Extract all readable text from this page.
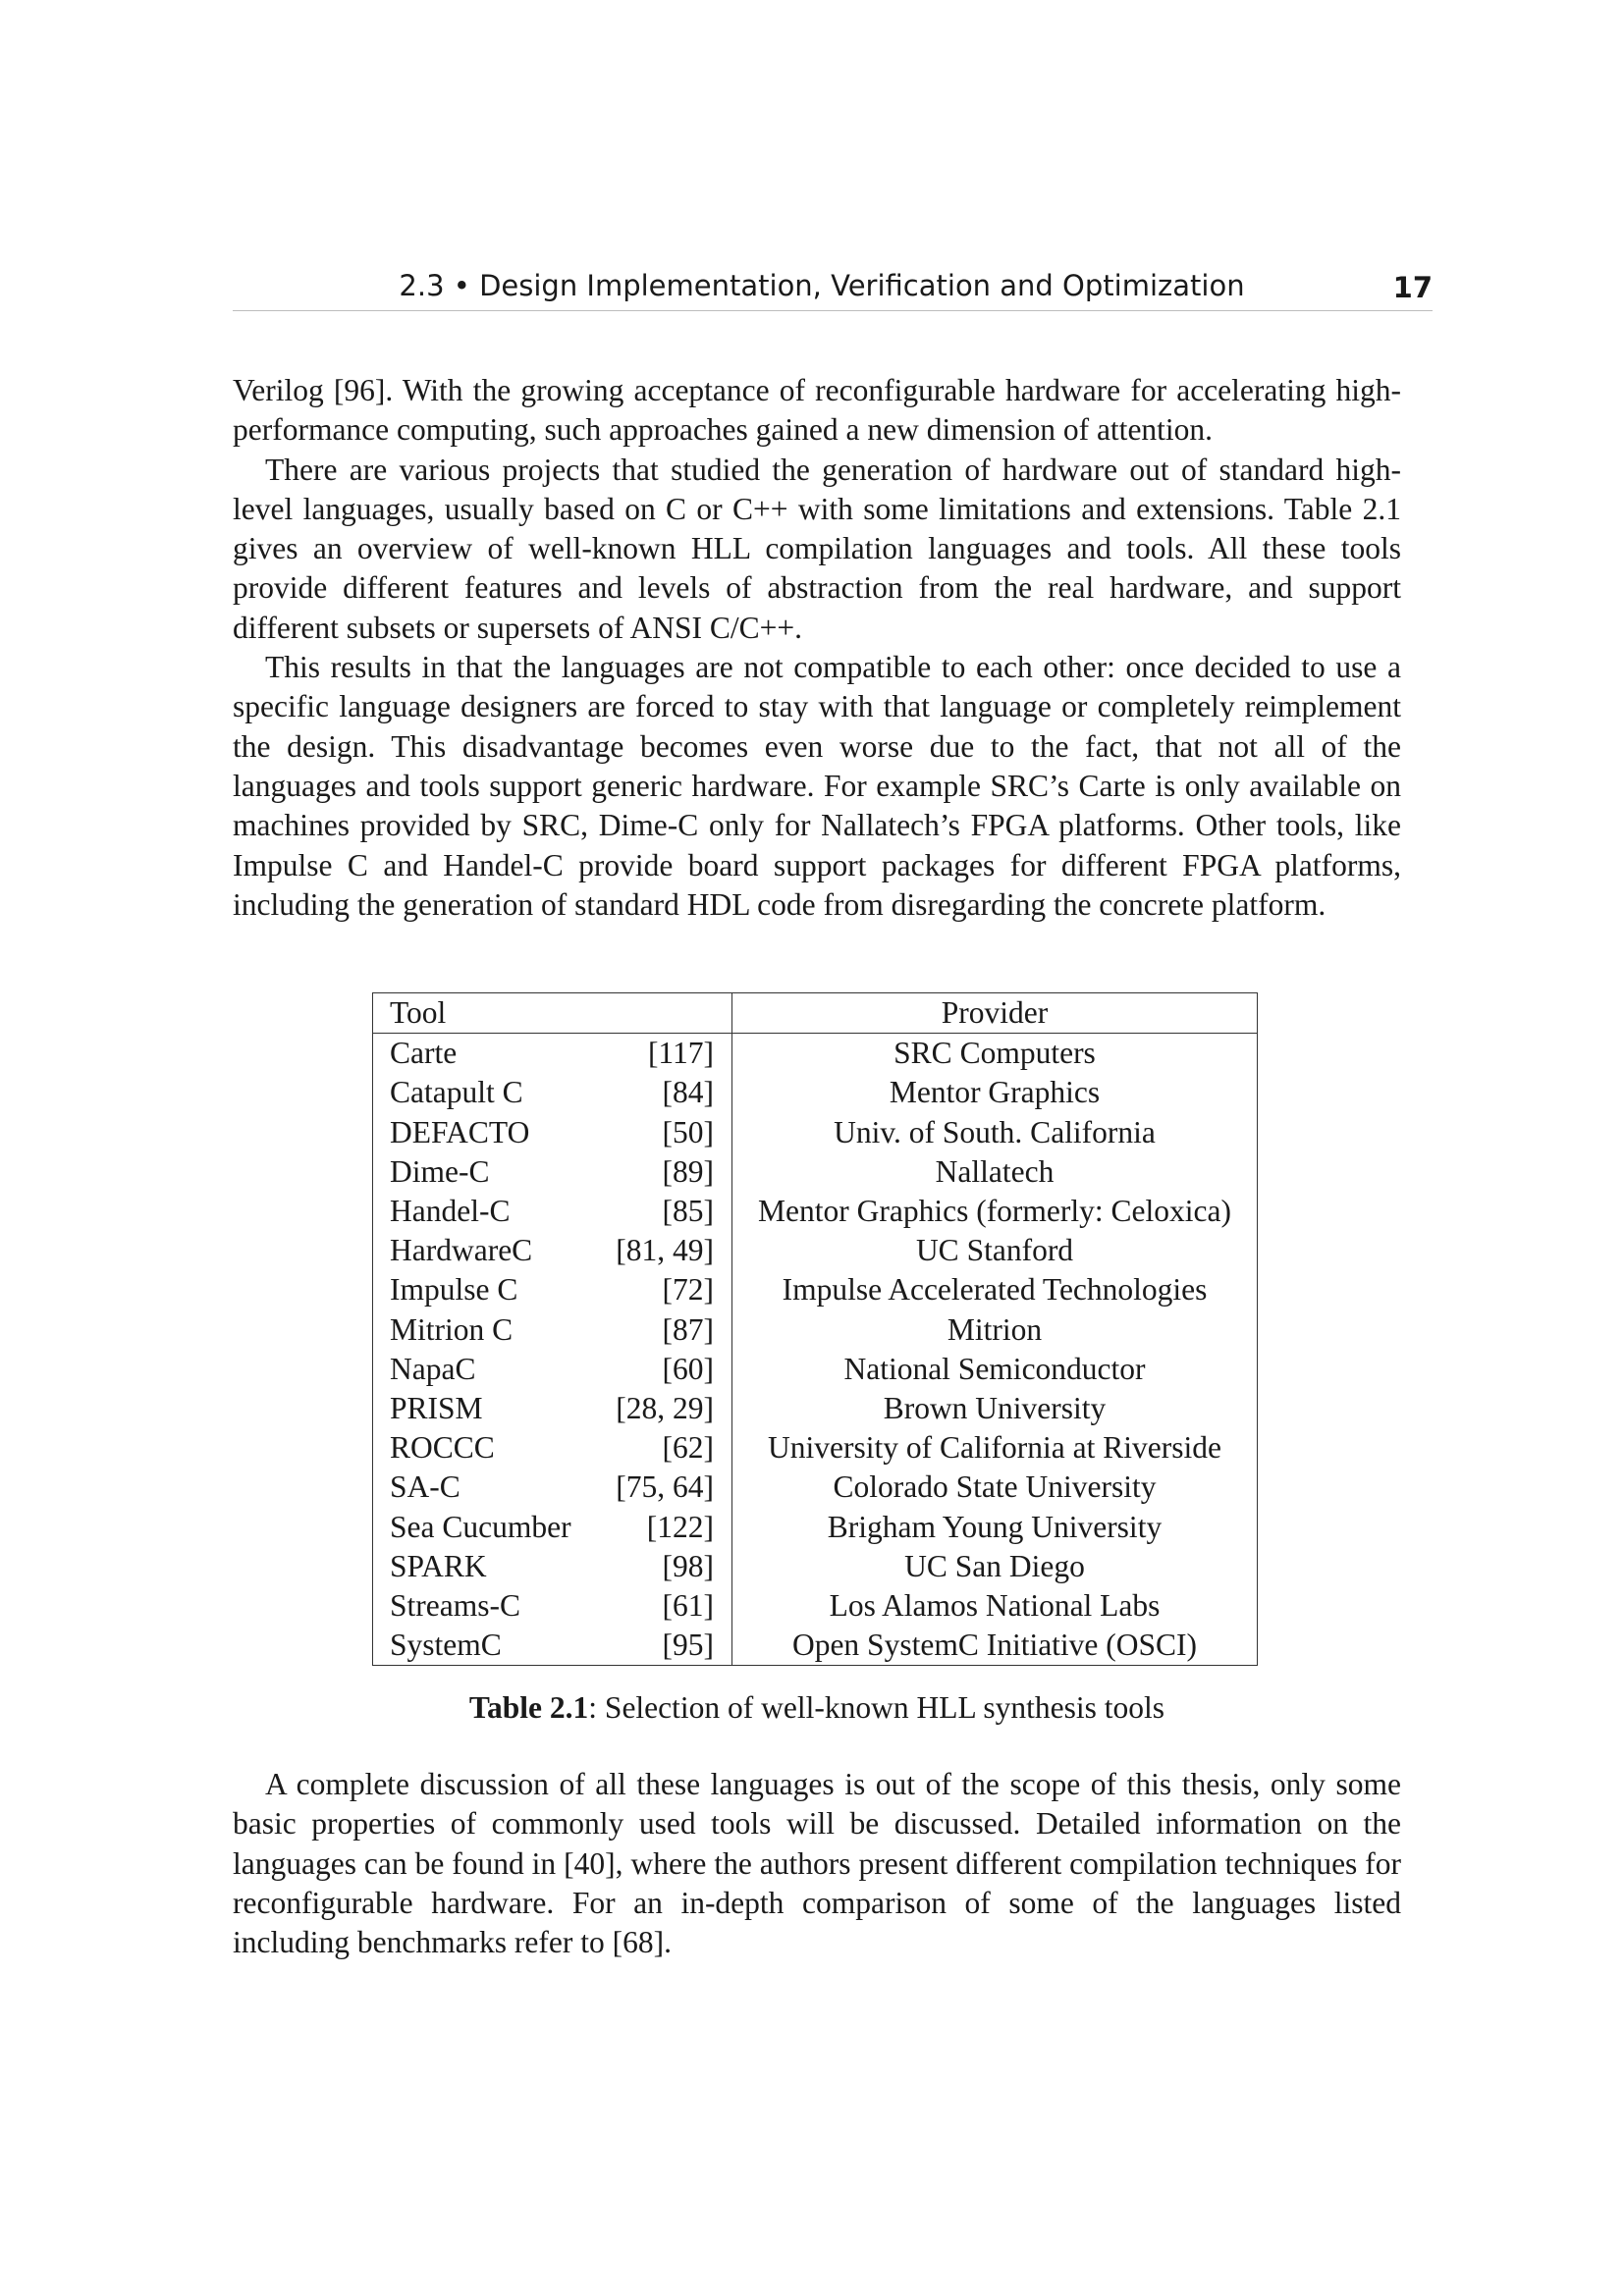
2.3 • Design Implementation, Verification and Optimization	17

Verilog [96]. With the growing acceptance of reconfigurable hardware for accelerating high-performance computing, such approaches gained a new dimension of attention.

There are various projects that studied the generation of hardware out of standard high-level languages, usually based on C or C++ with some limitations and extensions. Table 2.1 gives an overview of well-known HLL compilation languages and tools. All these tools provide different features and levels of abstraction from the real hardware, and support different subsets or supersets of ANSI C/C++.

This results in that the languages are not compatible to each other: once decided to use a specific language designers are forced to stay with that language or completely reimplement the design. This disadvantage becomes even worse due to the fact, that not all of the languages and tools support generic hardware. For example SRC’s Carte is only available on machines provided by SRC, Dime-C only for Nallatech’s FPGA platforms. Other tools, like Impulse C and Handel-C provide board support packages for different FPGA platforms, including the generation of standard HDL code from disregarding the concrete platform.

Tool		Provider
Carte	[117]	SRC Computers
Catapult C	[84]	Mentor Graphics
DEFACTO	[50]	Univ. of South. California
Dime-C	[89]	Nallatech
Handel-C	[85]	Mentor Graphics (formerly: Celoxica)
HardwareC	[81, 49]	UC Stanford
Impulse C	[72]	Impulse Accelerated Technologies
Mitrion C	[87]	Mitrion
NapaC	[60]	National Semiconductor
PRISM	[28, 29]	Brown University
ROCCC	[62]	University of California at Riverside
SA-C	[75, 64]	Colorado State University
Sea Cucumber	[122]	Brigham Young University
SPARK	[98]	UC San Diego
Streams-C	[61]	Los Alamos National Labs
SystemC	[95]	Open SystemC Initiative (OSCI)
Table 2.1: Selection of well-known HLL synthesis tools

A complete discussion of all these languages is out of the scope of this thesis, only some basic properties of commonly used tools will be discussed. Detailed information on the languages can be found in [40], where the authors present different compilation techniques for reconfigurable hardware. For an in-depth comparison of some of the languages listed including benchmarks refer to [68].
